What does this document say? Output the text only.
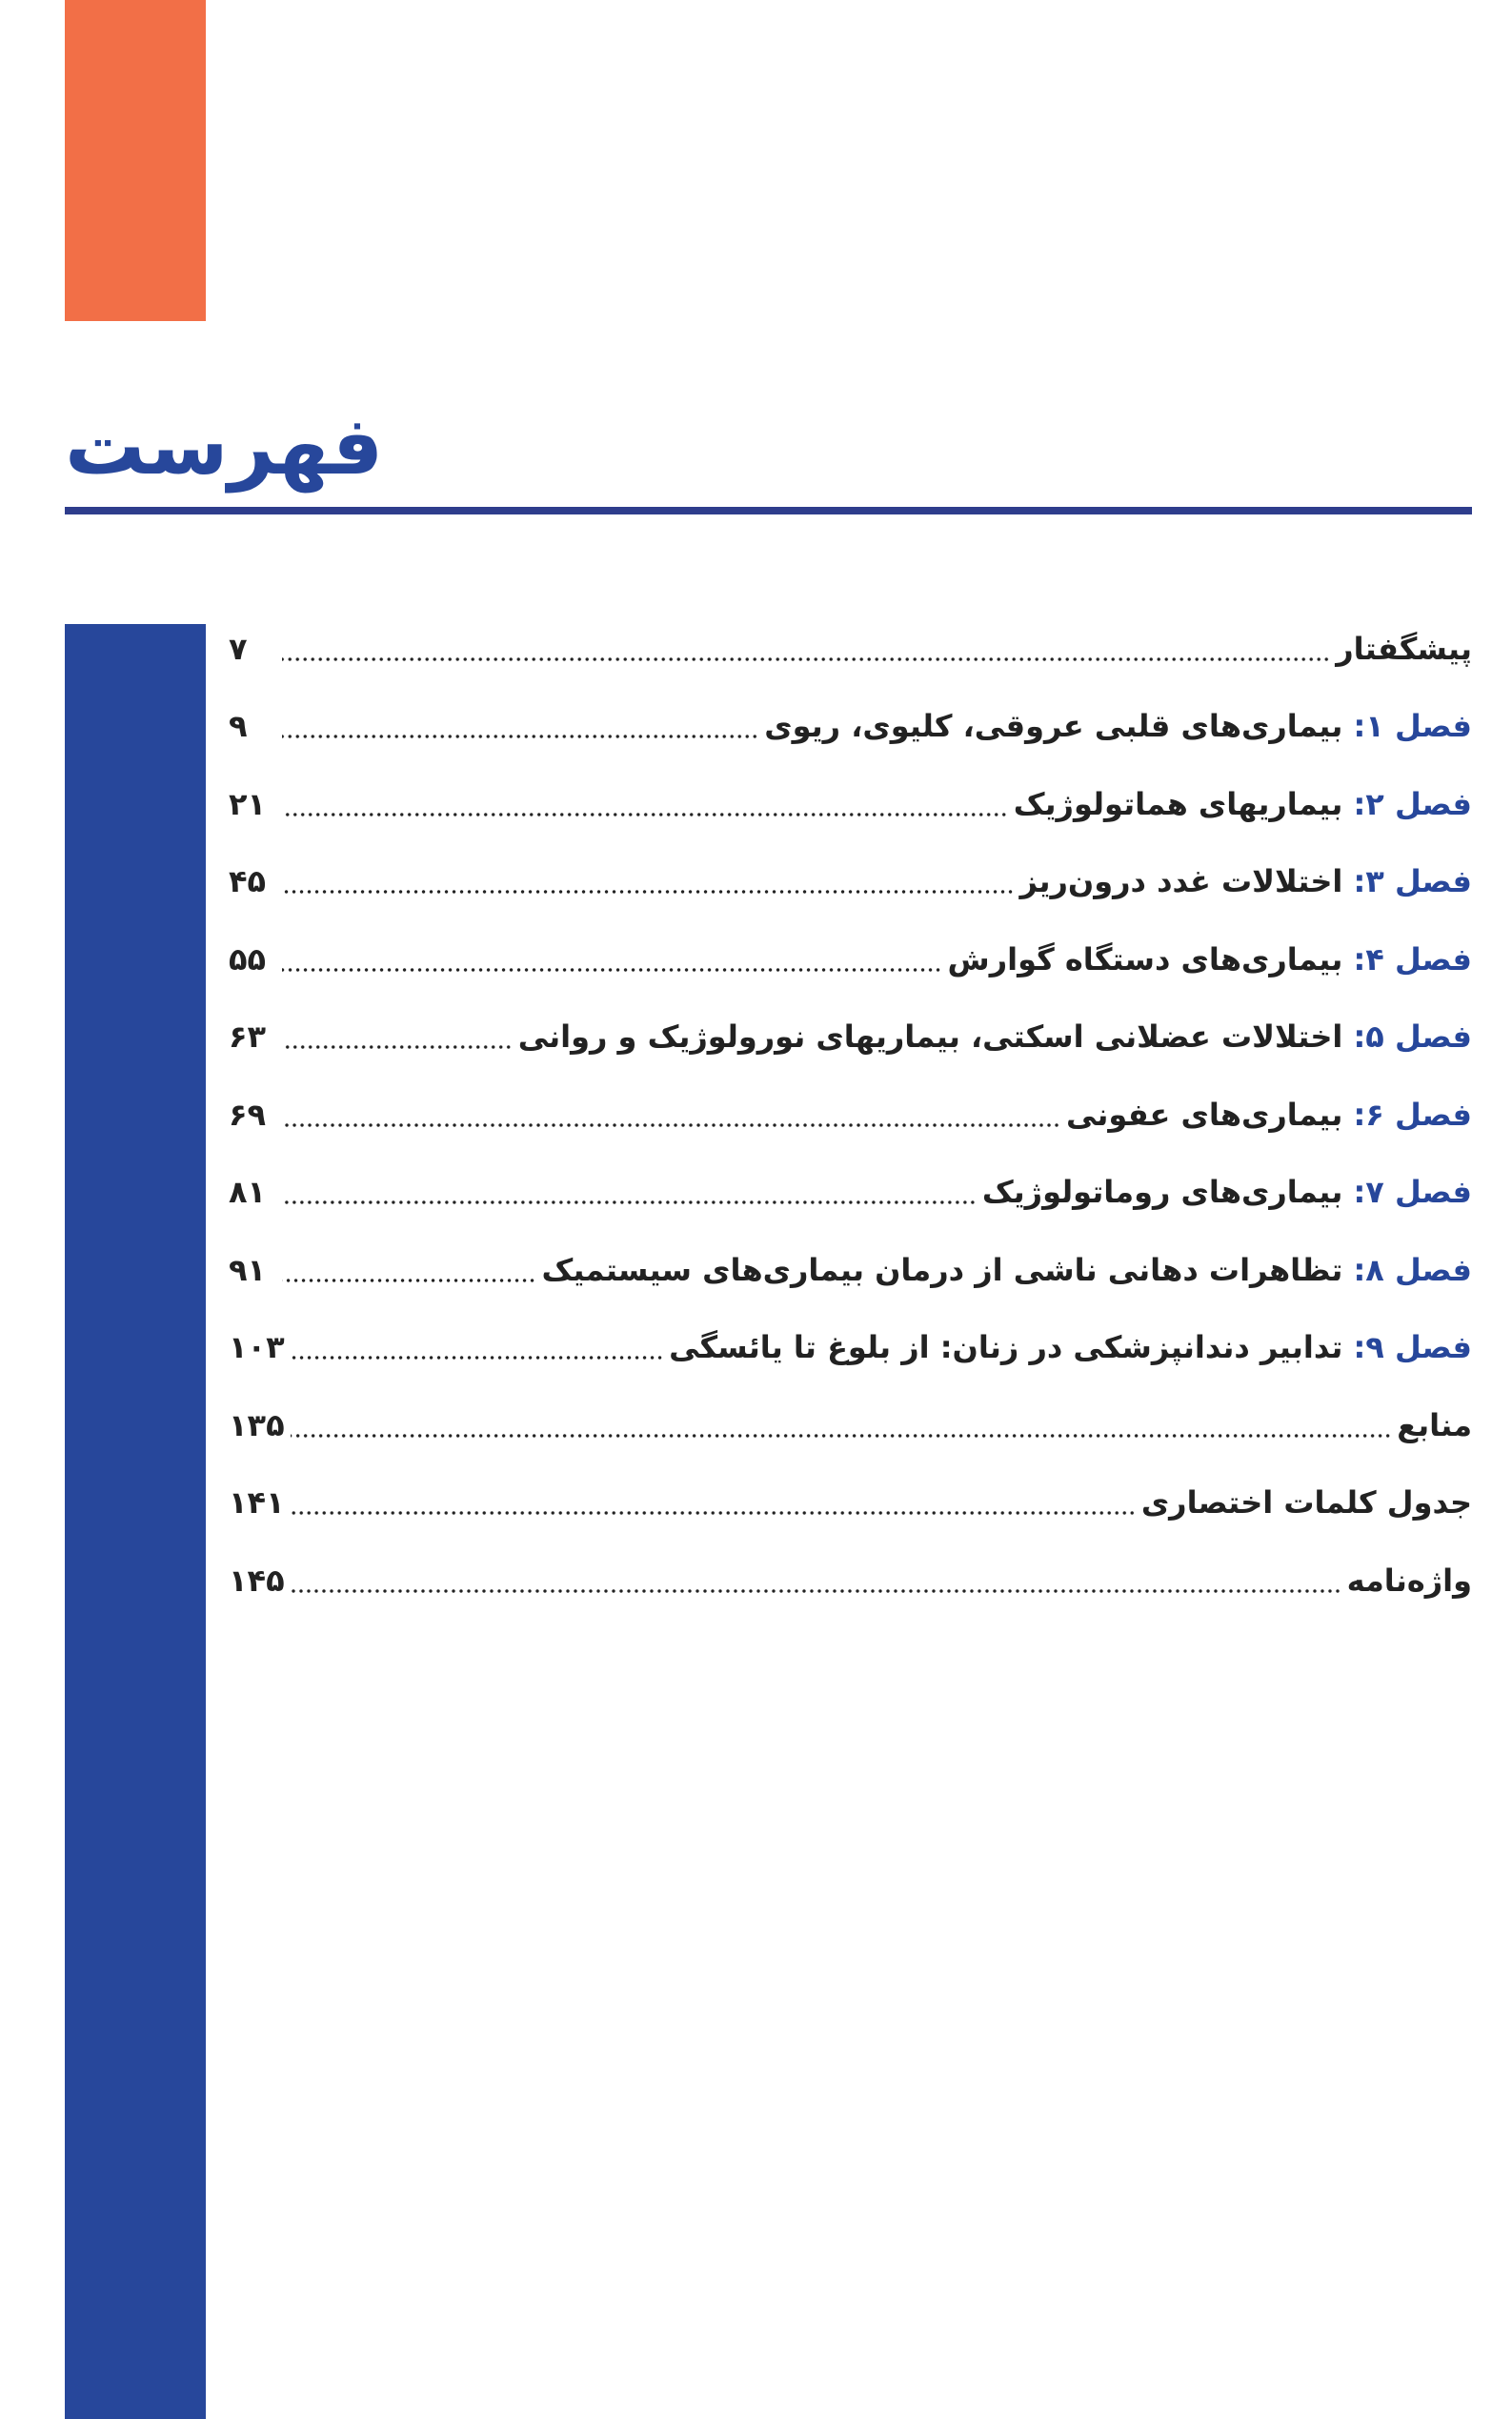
فهرست
پیشگفتار
۷
فصل ۱: بیماری‌های قلبی عروقی، کلیوی، ریوی
۹
فصل ۲: بیماریهای هماتولوژیک
۲۱
فصل ۳: اختلالات غدد درون‌ریز
۴۵
فصل ۴: بیماری‌های دستگاه گوارش
۵۵
فصل ۵: اختلالات عضلانی اسکتی، بیماریهای نورولوژیک و روانی
۶۳
فصل ۶: بیماری‌های عفونی
۶۹
فصل ۷: بیماری‌های روماتولوژیک
۸۱
فصل ۸: تظاهرات دهانی ناشی از درمان بیماری‌های سیستمیک
۹۱
فصل ۹: تدابیر دندانپزشکی در زنان: از بلوغ تا یائسگی
۱۰۳
منابع
۱۳۵
جدول کلمات اختصاری
۱۴۱
واژه‌نامه
۱۴۵
